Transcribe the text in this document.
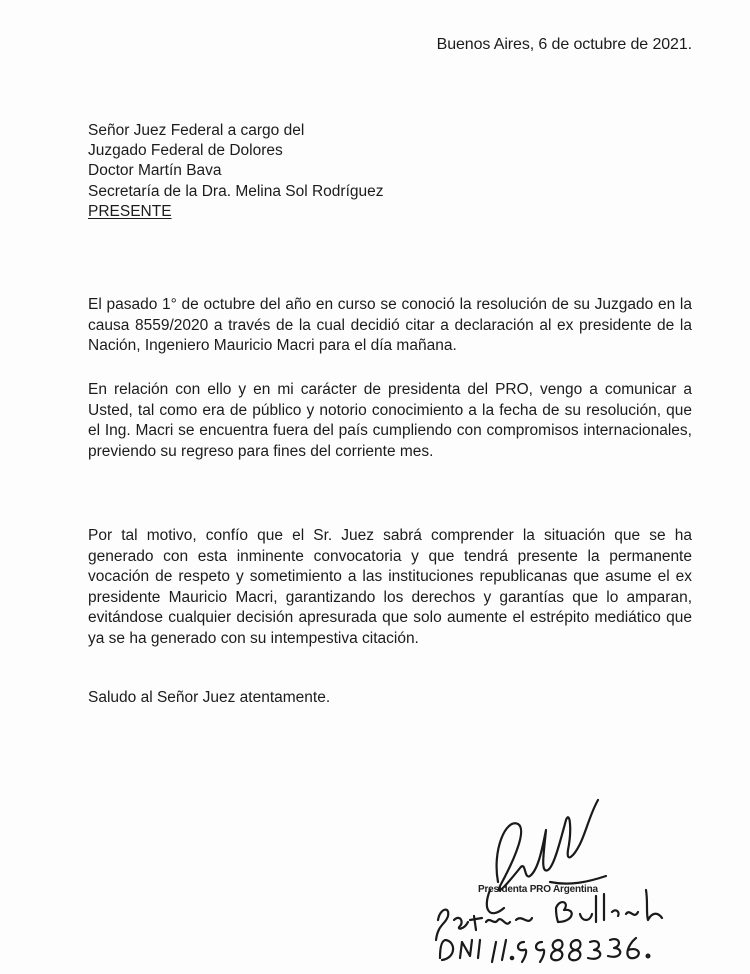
Buenos Aires, 6 de octubre de 2021.
Señor Juez Federal a cargo del
Juzgado Federal de Dolores
Doctor Martín Bava
Secretaría de la Dra. Melina Sol Rodríguez
PRESENTE

El pasado 1° de octubre del año en curso se conoció la resolución de su Juzgado en la causa 8559/2020 a través de la cual decidió citar a declaración al ex presidente de la Nación, Ingeniero Mauricio Macri para el día mañana.

En relación con ello y en mi carácter de presidenta del PRO, vengo a comunicar a Usted, tal como era de público y notorio conocimiento a la fecha de su resolución, que el Ing. Macri se encuentra fuera del país cumpliendo con compromisos internacionales, previendo su regreso para fines del corriente mes.

Por tal motivo, confío que el Sr. Juez sabrá comprender la situación que se ha generado con esta inminente convocatoria y que tendrá presente la permanente vocación de respeto y sometimiento a las instituciones republicanas que asume el ex presidente Mauricio Macri, garantizando los derechos y garantías que lo amparan, evitándose cualquier decisión apresurada que solo aumente el estrépito mediático que ya se ha generado con su intempestiva citación.

Saludo al Señor Juez atentamente.

Presidenta PRO Argentina
